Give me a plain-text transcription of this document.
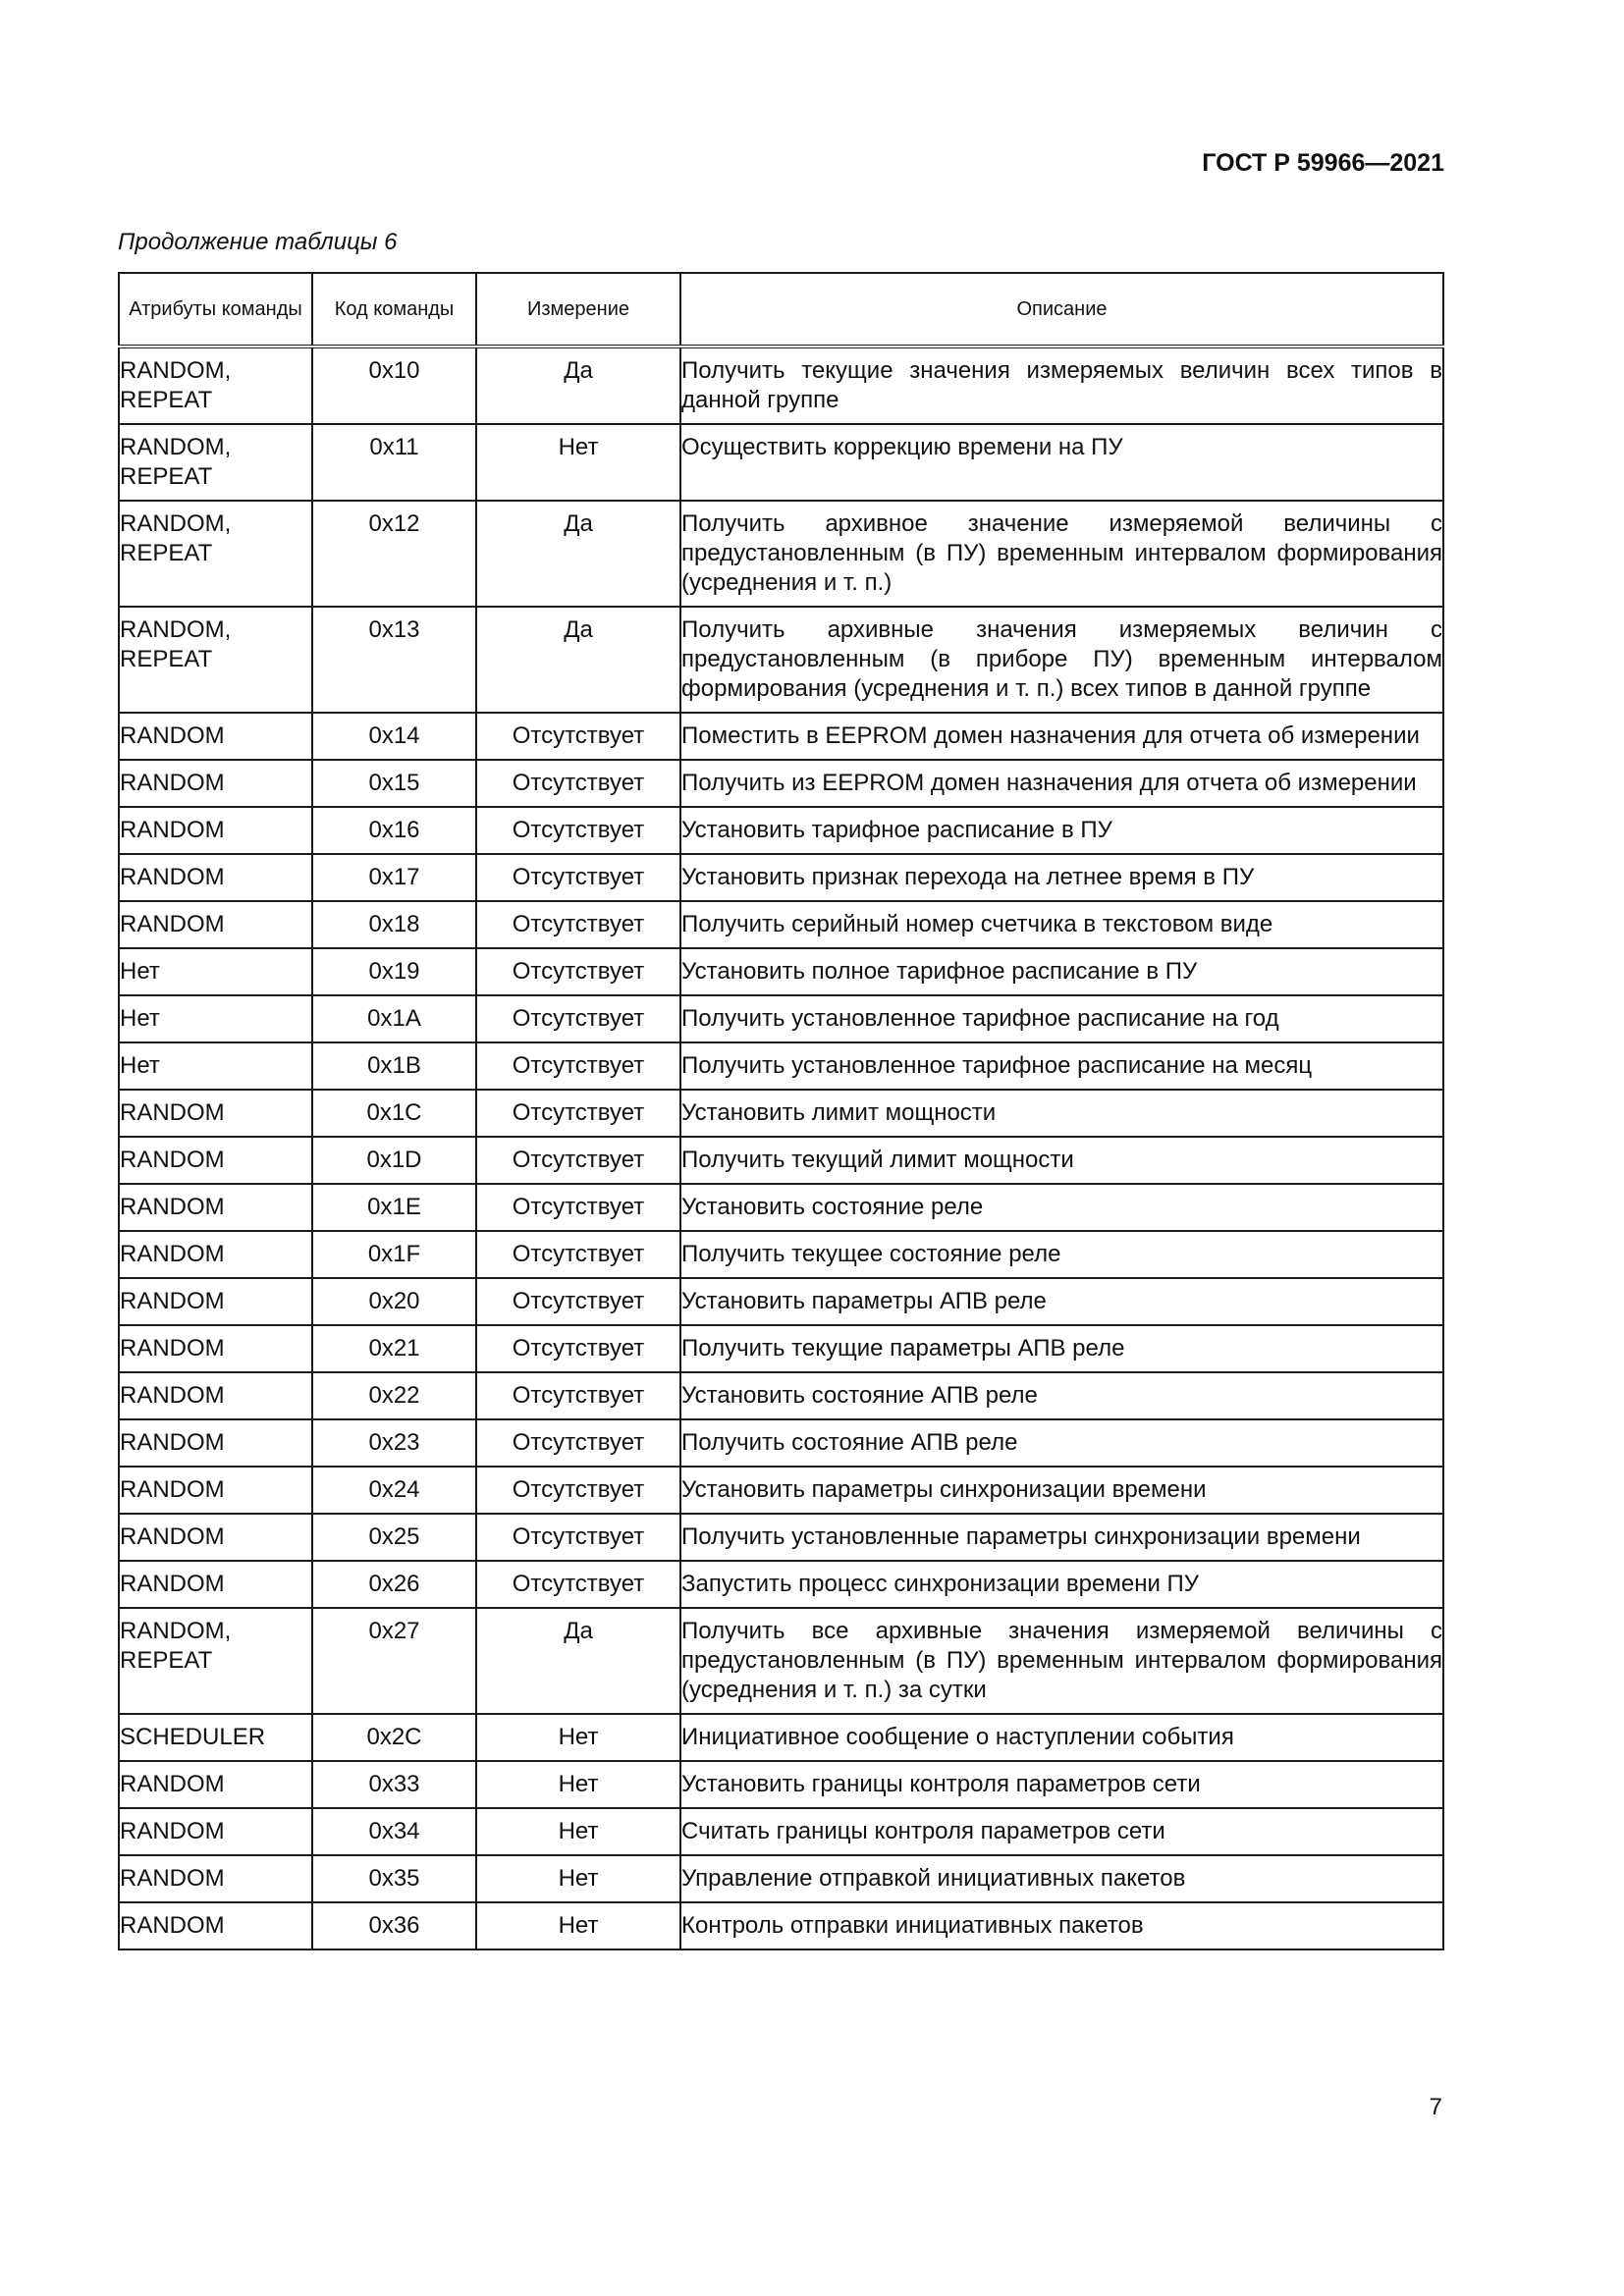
ГОСТ Р 59966—2021
Продолжение таблицы 6
Атрибуты команды	Код команды	Измерение	Описание
RANDOM, REPEAT	0x10	Да	Получить текущие значения измеряемых величин всех типов в данной группе
RANDOM, REPEAT	0x11	Нет	Осуществить коррекцию времени на ПУ
RANDOM, REPEAT	0x12	Да	Получить архивное значение измеряемой величины с предустановленным (в ПУ) временным интервалом формирования (усреднения и т. п.)
RANDOM, REPEAT	0x13	Да	Получить архивные значения измеряемых величин с предустановленным (в приборе ПУ) временным интервалом формирования (усреднения и т. п.) всех типов в данной группе
RANDOM	0x14	Отсутствует	Поместить в EEPROM домен назначения для отчета об измерении
RANDOM	0x15	Отсутствует	Получить из EEPROM домен назначения для отчета об измерении
RANDOM	0x16	Отсутствует	Установить тарифное расписание в ПУ
RANDOM	0x17	Отсутствует	Установить признак перехода на летнее время в ПУ
RANDOM	0x18	Отсутствует	Получить серийный номер счетчика в текстовом виде
Нет	0x19	Отсутствует	Установить полное тарифное расписание в ПУ
Нет	0x1A	Отсутствует	Получить установленное тарифное расписание на год
Нет	0x1B	Отсутствует	Получить установленное тарифное расписание на месяц
RANDOM	0x1C	Отсутствует	Установить лимит мощности
RANDOM	0x1D	Отсутствует	Получить текущий лимит мощности
RANDOM	0x1E	Отсутствует	Установить состояние реле
RANDOM	0x1F	Отсутствует	Получить текущее состояние реле
RANDOM	0x20	Отсутствует	Установить параметры АПВ реле
RANDOM	0x21	Отсутствует	Получить текущие параметры АПВ реле
RANDOM	0x22	Отсутствует	Установить состояние АПВ реле
RANDOM	0x23	Отсутствует	Получить состояние АПВ реле
RANDOM	0x24	Отсутствует	Установить параметры синхронизации времени
RANDOM	0x25	Отсутствует	Получить установленные параметры синхронизации времени
RANDOM	0x26	Отсутствует	Запустить процесс синхронизации времени ПУ
RANDOM, REPEAT	0x27	Да	Получить все архивные значения измеряемой величины с предустановленным (в ПУ) временным интервалом формирования (усреднения и т. п.) за сутки
SCHEDULER	0x2C	Нет	Инициативное сообщение о наступлении события
RANDOM	0x33	Нет	Установить границы контроля параметров сети
RANDOM	0x34	Нет	Считать границы контроля параметров сети
RANDOM	0x35	Нет	Управление отправкой инициативных пакетов
RANDOM	0x36	Нет	Контроль отправки инициативных пакетов
7
